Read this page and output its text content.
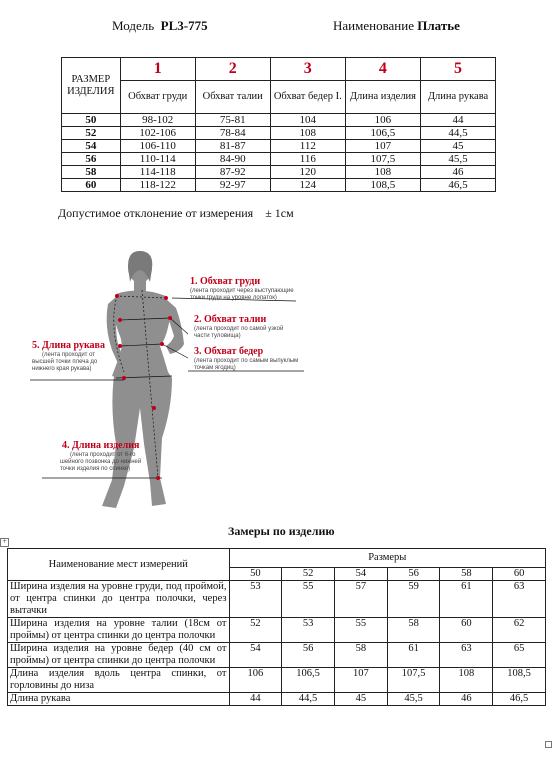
Модель PL3-775	Наименование Платье
РАЗМЕР ИЗДЕЛИЯ	1	2	3	4	5
	Обхват груди	Обхват талии	Обхват бедер I.	Длина изделия	Длина рукава
50	98-102	75-81	104	106	44
52	102-106	78-84	108	106,5	44,5
54	106-110	81-87	112	107	45
56	110-114	84-90	116	107,5	45,5
58	114-118	87-92	120	108	46
60	118-122	92-97	124	108,5	46,5
Допустимое отклонение от измерения ± 1см
1. Обхват груди
(лента проходит через выступающие
точки груди на уровне лопаток)
2. Обхват талии
(лента проходит по самой узкой
части туловища)
3. Обхват бедер
(лента проходит по самым выпуклым
точкам ягодиц)
5. Длина рукава
(лента проходит от
высшей точки плеча до
нижнего края рукава)
4. Длина изделия
(лента проходит от 6-го
шейного позвонка до нижней
точки изделия по спинке)
Замеры по изделию
+
Наименование мест измерений	Размеры					
	50	52	54	56	58	60
Ширина изделия на уровне груди, под проймой, от центра спинки до центра полочки, через вытачки	53	55	57	59	61	63
Ширина изделия на уровне талии (18см от проймы) от центра спинки до центра полочки	52	53	55	58	60	62
Ширина изделия на уровне бедер (40 см от проймы) от центра спинки до центра полочки	54	56	58	61	63	65
Длина изделия вдоль центра спинки, от горловины до низа	106	106,5	107	107,5	108	108,5
Длина рукава	44	44,5	45	45,5	46	46,5
